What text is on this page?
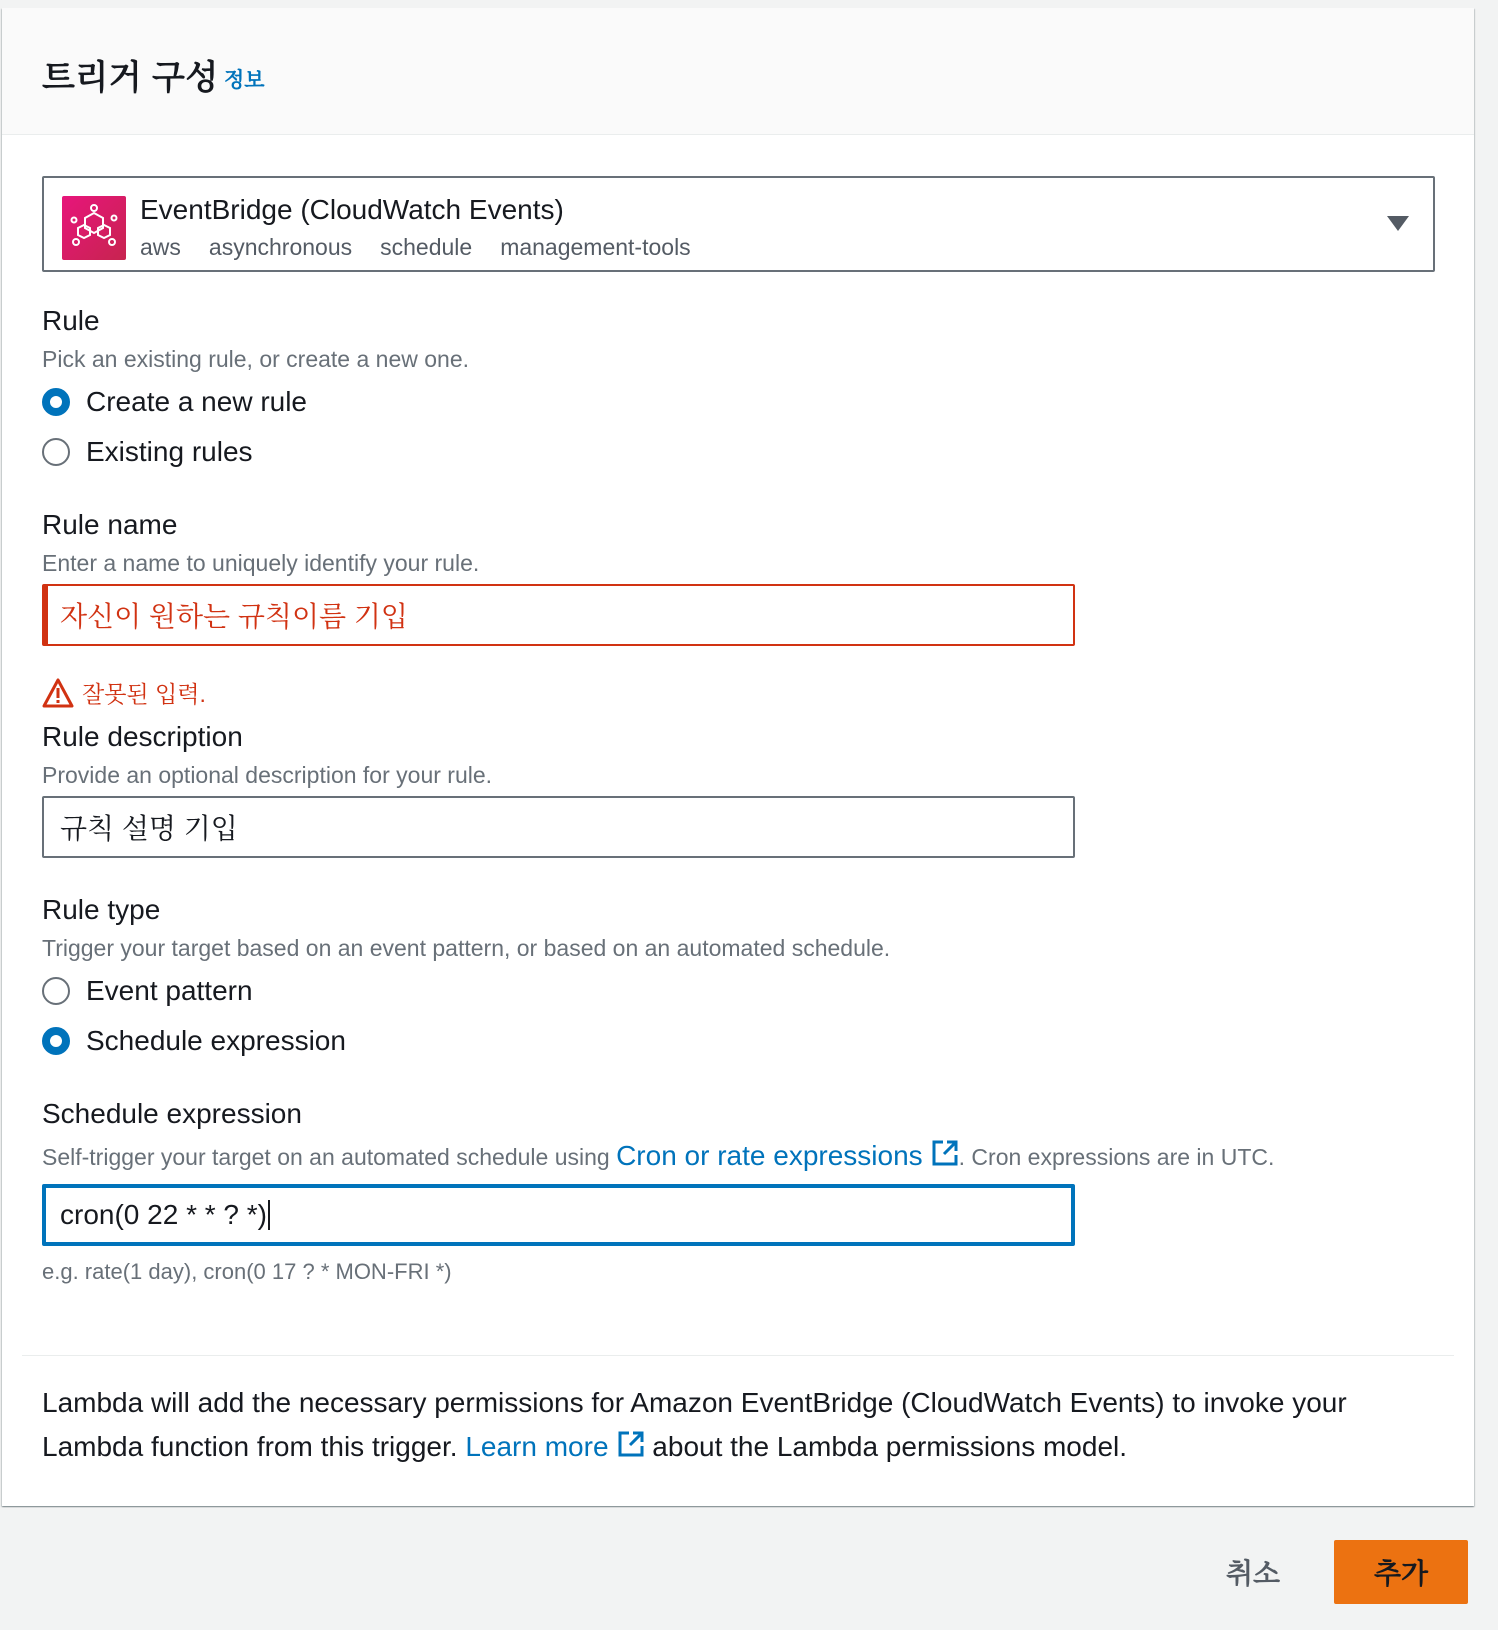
트리거 구성 정보
EventBridge (CloudWatch Events)
aws asynchronous schedule management-tools
Rule
Pick an existing rule, or create a new one.
Create a new rule
Existing rules
Rule name
Enter a name to uniquely identify your rule.
자신이 원하는 규칙이름 기입
잘못된 입력.
Rule description
Provide an optional description for your rule.
규칙 설명 기입
Rule type
Trigger your target based on an event pattern, or based on an automated schedule.
Event pattern
Schedule expression
Schedule expression
Self-trigger your target on an automated schedule using Cron or rate expressions . Cron expressions are in UTC.
cron(0 22 * * ? *)
e.g. rate(1 day), cron(0 17 ? * MON-FRI *)
Lambda will add the necessary permissions for Amazon EventBridge (CloudWatch Events) to invoke your Lambda function from this trigger. Learn more about the Lambda permissions model.
취소	추가
